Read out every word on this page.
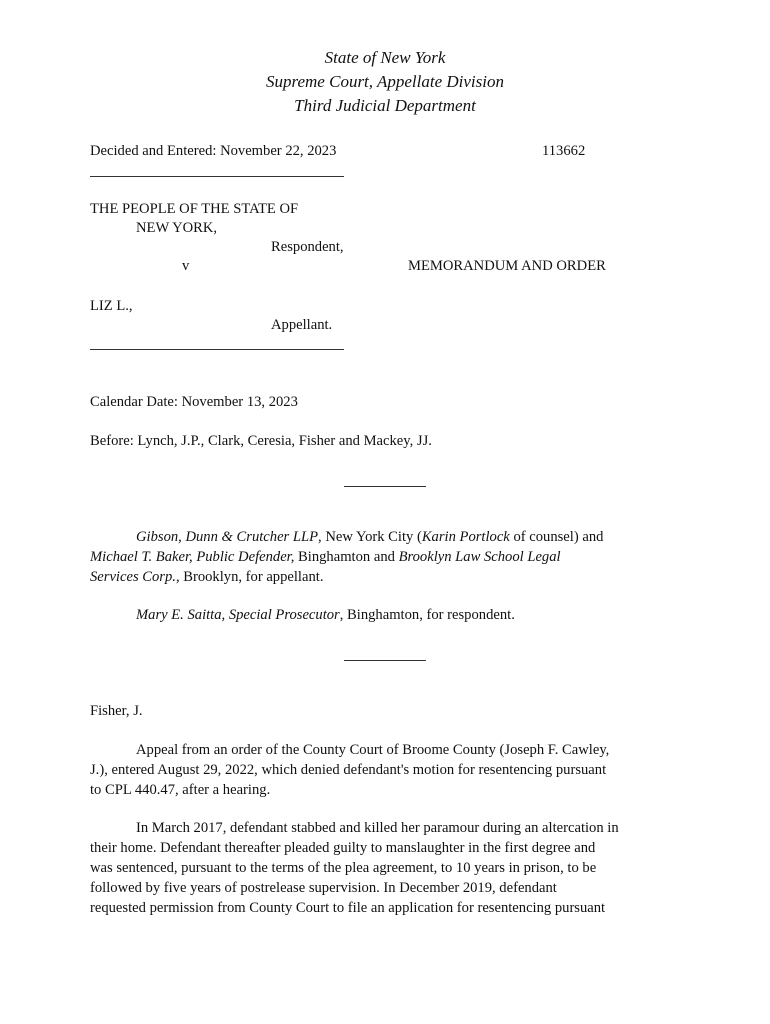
State of New York
Supreme Court, Appellate Division
Third Judicial Department
Decided and Entered: November 22, 2023	113662
THE PEOPLE OF THE STATE OF
NEW YORK,
Respondent,
v	MEMORANDUM AND ORDER
LIZ L.,
Appellant.
Calendar Date: November 13, 2023
Before: Lynch, J.P., Clark, Ceresia, Fisher and Mackey, JJ.
Gibson, Dunn & Crutcher LLP, New York City (Karin Portlock of counsel) and
Michael T. Baker, Public Defender, Binghamton and Brooklyn Law School Legal
Services Corp., Brooklyn, for appellant.
Mary E. Saitta, Special Prosecutor, Binghamton, for respondent.
Fisher, J.
Appeal from an order of the County Court of Broome County (Joseph F. Cawley,
J.), entered August 29, 2022, which denied defendant's motion for resentencing pursuant
to CPL 440.47, after a hearing.
In March 2017, defendant stabbed and killed her paramour during an altercation in
their home. Defendant thereafter pleaded guilty to manslaughter in the first degree and
was sentenced, pursuant to the terms of the plea agreement, to 10 years in prison, to be
followed by five years of postrelease supervision. In December 2019, defendant
requested permission from County Court to file an application for resentencing pursuant
